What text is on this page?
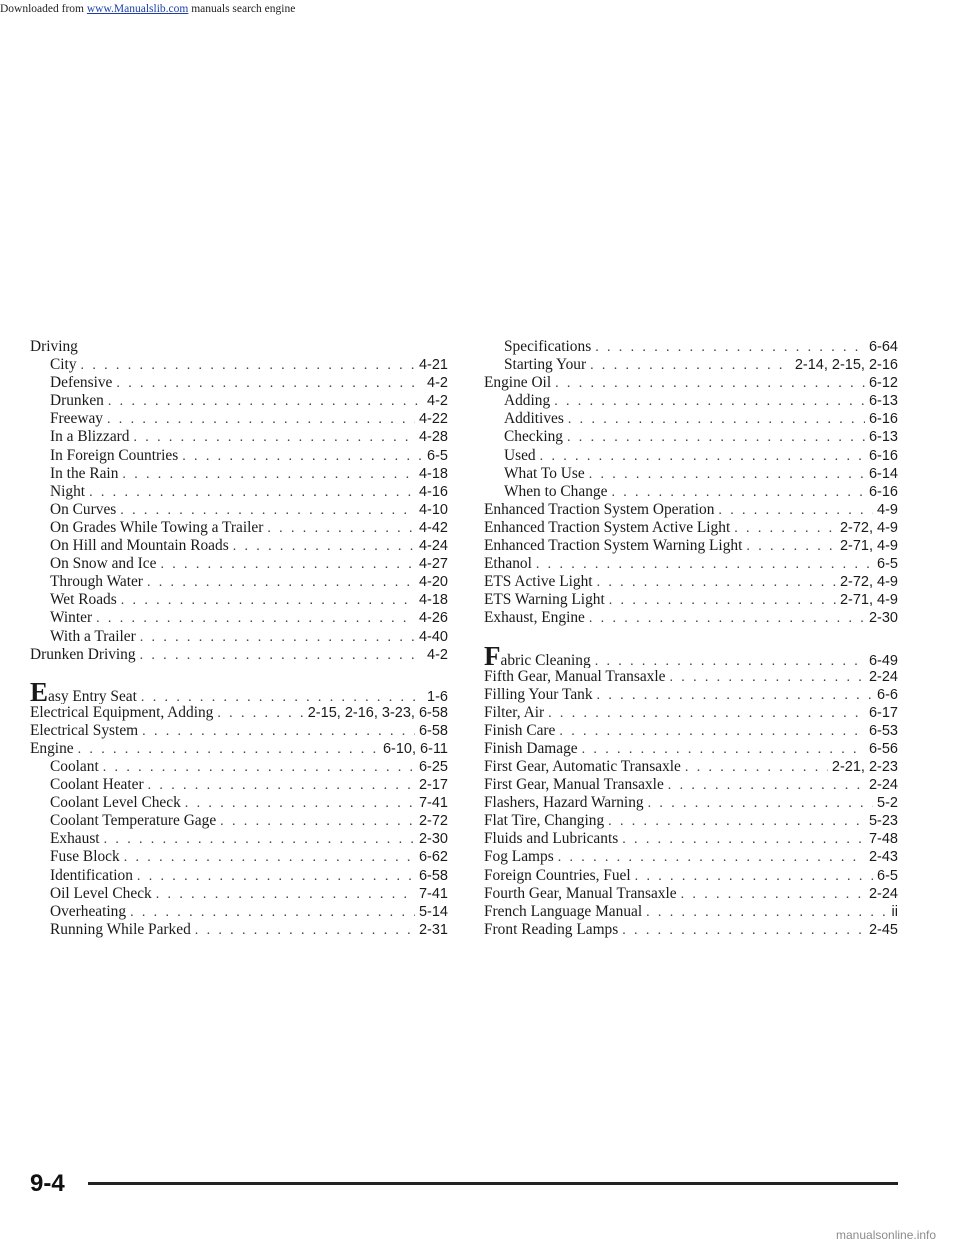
Downloaded from www.Manualslib.com manuals search engine
Driving
City . . .	4-21
Defensive . . .	4-2
Drunken . . .	4-2
Freeway . . .	4-22
In a Blizzard . . .	4-28
In Foreign Countries . . .	6-5
In the Rain . . .	4-18
Night . . .	4-16
On Curves . . .	4-10
On Grades While Towing a Trailer . . .	4-42
On Hill and Mountain Roads . . .	4-24
On Snow and Ice . . .	4-27
Through Water . . .	4-20
Wet Roads . . .	4-18
Winter . . .	4-26
With a Trailer . . .	4-40
Drunken Driving . . .	4-2
Easy Entry Seat . . .	1-6
Electrical Equipment, Adding . . .	2-15, 2-16, 3-23, 6-58
Electrical System . . .	6-58
Engine . . .	6-10, 6-11
Coolant . . .	6-25
Coolant Heater . . .	2-17
Coolant Level Check . . .	7-41
Coolant Temperature Gage . . .	2-72
Exhaust . . .	2-30
Fuse Block . . .	6-62
Identification . . .	6-58
Oil Level Check . . .	7-41
Overheating . . .	5-14
Running While Parked . . .	2-31
Specifications . . .	6-64
Starting Your . . .	2-14, 2-15, 2-16
Engine Oil . . .	6-12
Adding . . .	6-13
Additives . . .	6-16
Checking . . .	6-13
Used . . .	6-16
What To Use . . .	6-14
When to Change . . .	6-16
Enhanced Traction System Operation . . .	4-9
Enhanced Traction System Active Light . . .	2-72, 4-9
Enhanced Traction System Warning Light . . .	2-71, 4-9
Ethanol . . .	6-5
ETS Active Light . . .	2-72, 4-9
ETS Warning Light . . .	2-71, 4-9
Exhaust, Engine . . .	2-30
Fabric Cleaning . . .	6-49
Fifth Gear, Manual Transaxle . . .	2-24
Filling Your Tank . . .	6-6
Filter, Air . . .	6-17
Finish Care . . .	6-53
Finish Damage . . .	6-56
First Gear, Automatic Transaxle . . .	2-21, 2-23
First Gear, Manual Transaxle . . .	2-24
Flashers, Hazard Warning . . .	5-2
Flat Tire, Changing . . .	5-23
Fluids and Lubricants . . .	7-48
Fog Lamps . . .	2-43
Foreign Countries, Fuel . . .	6-5
Fourth Gear, Manual Transaxle . . .	2-24
French Language Manual . . .	ii
Front Reading Lamps . . .	2-45
9-4
manualsonline.info
